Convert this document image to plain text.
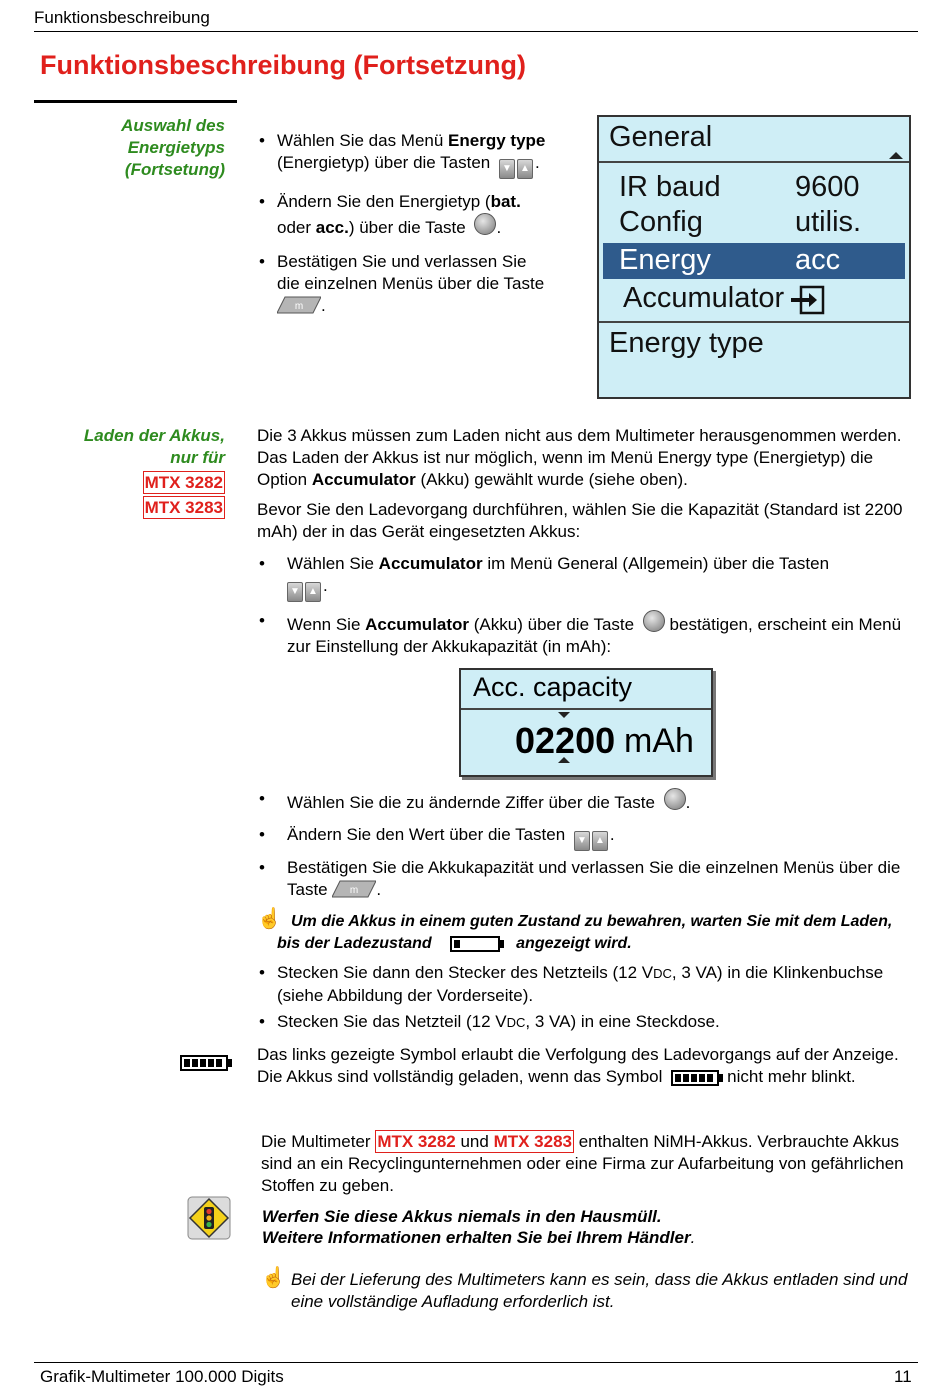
Funktionsbeschreibung
Funktionsbeschreibung (Fortsetzung)
Auswahl des
Energietyps
(Fortsetung)
• Wählen Sie das Menü Energy type
(Energietyp) über die Tasten ▼ ▲ .
• Ändern Sie den Energietyp (bat.
oder acc.) über die Taste .
• Bestätigen Sie und verlassen Sie
die einzelnen Menüs über die Taste

m .
General
IR baud	9600
Config	utilis.
Energy	acc
Accumulator
Energy type
Laden der Akkus,
nur für
MTX 3282
MTX 3283
Die 3 Akkus müssen zum Laden nicht aus dem Multimeter herausgenommen werden. Das Laden der Akkus ist nur möglich, wenn im Menü Energy type (Energietyp) die Option Accumulator (Akku) gewählt wurde (siehe oben).
Bevor Sie den Ladevorgang durchführen, wählen Sie die Kapazität (Standard ist 2200 mAh) der in das Gerät eingesetzten Akkus:
• Wählen Sie Accumulator im Menü General (Allgemein) über die Tasten
▼ ▲ .
• Wenn Sie Accumulator (Akku) über die Taste  bestätigen, erscheint ein Menü zur Einstellung der Akkukapazität (in mAh):
Acc. capacity
02200 mAh
• Wählen Sie die zu ändernde Ziffer über die Taste .
• Ändern Sie den Wert über die Tasten ▼ ▲ .
• Bestätigen Sie die Akkukapazität und verlassen Sie die einzelnen Menüs über die Taste m .
☝ Um die Akkus in einem guten Zustand zu bewahren, warten Sie mit dem Laden, bis der Ladezustand	angezeigt wird.
• Stecken Sie dann den Stecker des Netzteils (12 VDC, 3 VA) in die Klinkenbuchse (siehe Abbildung der Vorderseite).
• Stecken Sie das Netzteil (12 VDC, 3 VA) in eine Steckdose.
Das links gezeigte Symbol erlaubt die Verfolgung des Ladevorgangs auf der Anzeige.
Die Akkus sind vollständig geladen, wenn das Symbol	nicht mehr blinkt.
Die Multimeter MTX 3282 und MTX 3283 enthalten NiMH-Akkus. Verbrauchte Akkus sind an ein Recyclingunternehmen oder eine Firma zur Aufarbeitung von gefährlichen Stoffen zu geben.
Werfen Sie diese Akkus niemals in den Hausmüll.
Weitere Informationen erhalten Sie bei Ihrem Händler.
☝ Bei der Lieferung des Multimeters kann es sein, dass die Akkus entladen sind und eine vollständige Aufladung erforderlich ist.
Grafik-Multimeter 100.000 Digits	11
